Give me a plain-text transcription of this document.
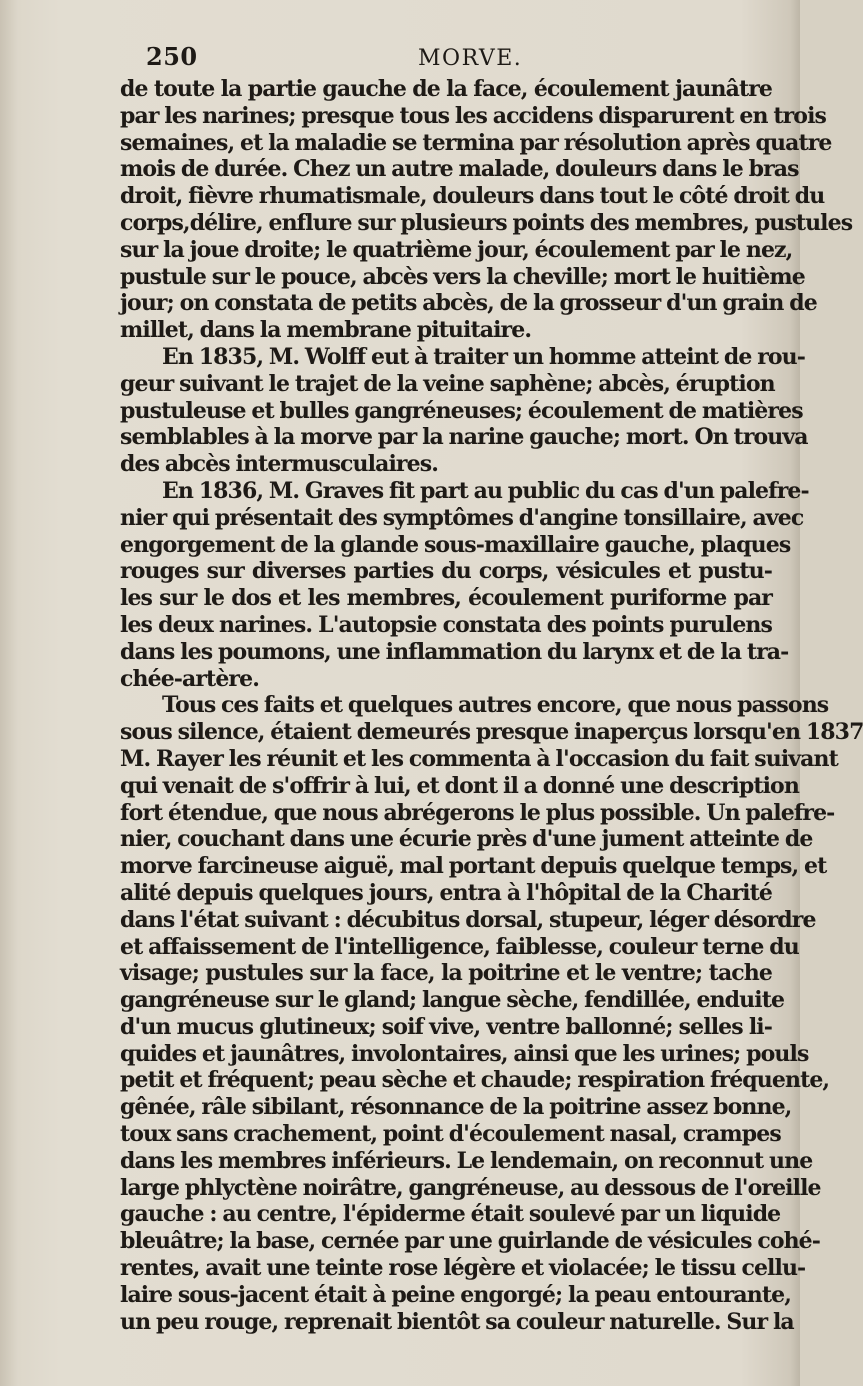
250	MORVE.
de toute la partie gauche de la face, écoulement jaunâtre
par les narines; presque tous les accidens disparurent en trois
semaines, et la maladie se termina par résolution après quatre
mois de durée. Chez un autre malade, douleurs dans le bras
droit, fièvre rhumatismale, douleurs dans tout le côté droit du
corps,délire, enflure sur plusieurs points des membres, pustules
sur la joue droite; le quatrième jour, écoulement par le nez,
pustule sur le pouce, abcès vers la cheville; mort le huitième
jour; on constata de petits abcès, de la grosseur d'un grain de
millet, dans la membrane pituitaire.
En 1835, M. Wolff eut à traiter un homme atteint de rou-
geur suivant le trajet de la veine saphène; abcès, éruption
pustuleuse et bulles gangréneuses; écoulement de matières
semblables à la morve par la narine gauche; mort. On trouva
des abcès intermusculaires.
En 1836, M. Graves fit part au public du cas d'un palefre-
nier qui présentait des symptômes d'angine tonsillaire, avec
engorgement de la glande sous-maxillaire gauche, plaques
rouges sur diverses parties du corps, vésicules et pustu-
les sur le dos et les membres, écoulement puriforme par
les deux narines. L'autopsie constata des points purulens
dans les poumons, une inflammation du larynx et de la tra-
chée-artère.
Tous ces faits et quelques autres encore, que nous passons
sous silence, étaient demeurés presque inaperçus lorsqu'en 1837
M. Rayer les réunit et les commenta à l'occasion du fait suivant
qui venait de s'offrir à lui, et dont il a donné une description
fort étendue, que nous abrégerons le plus possible. Un palefre-
nier, couchant dans une écurie près d'une jument atteinte de
morve farcineuse aiguë, mal portant depuis quelque temps, et
alité depuis quelques jours, entra à l'hôpital de la Charité
dans l'état suivant : décubitus dorsal, stupeur, léger désordre
et affaissement de l'intelligence, faiblesse, couleur terne du
visage; pustules sur la face, la poitrine et le ventre; tache
gangréneuse sur le gland; langue sèche, fendillée, enduite
d'un mucus glutineux; soif vive, ventre ballonné; selles li-
quides et jaunâtres, involontaires, ainsi que les urines; pouls
petit et fréquent; peau sèche et chaude; respiration fréquente,
gênée, râle sibilant, résonnance de la poitrine assez bonne,
toux sans crachement, point d'écoulement nasal, crampes
dans les membres inférieurs. Le lendemain, on reconnut une
large phlyctène noirâtre, gangréneuse, au dessous de l'oreille
gauche : au centre, l'épiderme était soulevé par un liquide
bleuâtre; la base, cernée par une guirlande de vésicules cohé-
rentes, avait une teinte rose légère et violacée; le tissu cellu-
laire sous-jacent était à peine engorgé; la peau entourante,
un peu rouge, reprenait bientôt sa couleur naturelle. Sur la
